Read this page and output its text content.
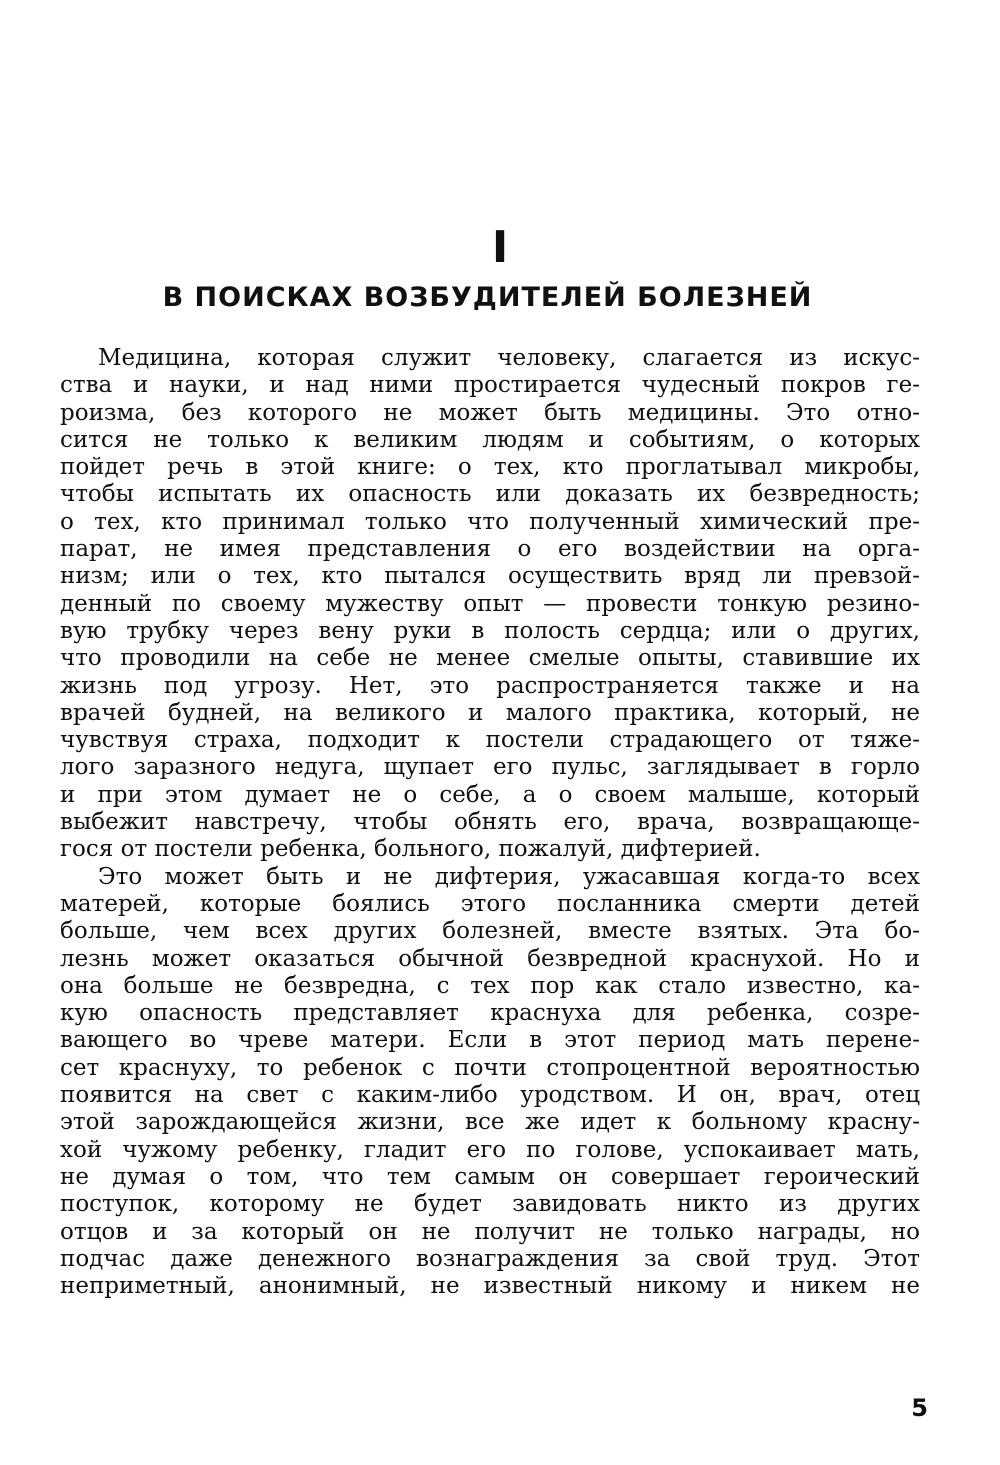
I
В ПОИСКАХ ВОЗБУДИТЕЛЕЙ БОЛЕЗНЕЙ
Медицина, которая служит человеку, слагается из искус-
ства и науки, и над ними простирается чудесный покров ге-
роизма, без которого не может быть медицины. Это отно-
сится не только к великим людям и событиям, о которых
пойдет речь в этой книге: о тех, кто проглатывал микробы,
чтобы испытать их опасность или доказать их безвредность;
о тех, кто принимал только что полученный химический пре-
парат, не имея представления о его воздействии на орга-
низм; или о тех, кто пытался осуществить вряд ли превзой-
денный по своему мужеству опыт — провести тонкую резино-
вую трубку через вену руки в полость сердца; или о других,
что проводили на себе не менее смелые опыты, ставившие их
жизнь под угрозу. Нет, это распространяется также и на
врачей будней, на великого и малого практика, который, не
чувствуя страха, подходит к постели страдающего от тяже-
лого заразного недуга, щупает его пульс, заглядывает в горло
и при этом думает не о себе, а о своем малыше, который
выбежит навстречу, чтобы обнять его, врача, возвращающе-
гося от постели ребенка, больного, пожалуй, дифтерией.
Это может быть и не дифтерия, ужасавшая когда-то всех
матерей, которые боялись этого посланника смерти детей
больше, чем всех других болезней, вместе взятых. Эта бо-
лезнь может оказаться обычной безвредной краснухой. Но и
она больше не безвредна, с тех пор как стало известно, ка-
кую опасность представляет краснуха для ребенка, созре-
вающего во чреве матери. Если в этот период мать перене-
сет краснуху, то ребенок с почти стопроцентной вероятностью
появится на свет с каким-либо уродством. И он, врач, отец
этой зарождающейся жизни, все же идет к больному красну-
хой чужому ребенку, гладит его по голове, успокаивает мать,
не думая о том, что тем самым он совершает героический
поступок, которому не будет завидовать никто из других
отцов и за который он не получит не только награды, но
подчас даже денежного вознаграждения за свой труд. Этот
неприметный, анонимный, не известный никому и никем не
5
